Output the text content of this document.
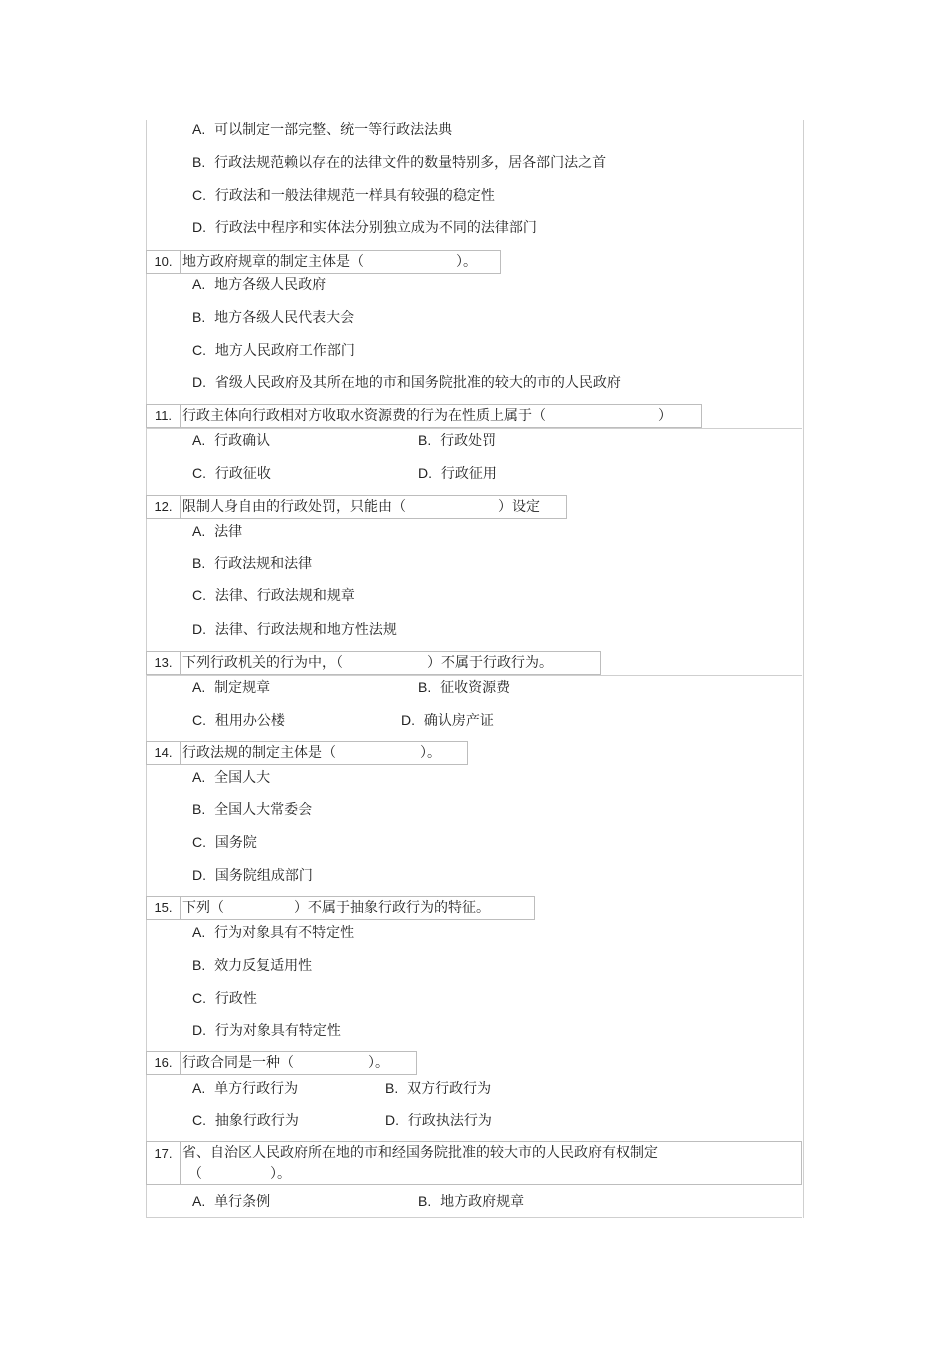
A. 可以制定一部完整、统一等行政法法典
B. 行政法规范赖以存在的法律文件的数量特别多，居各部门法之首
C. 行政法和一般法律规范一样具有较强的稳定性
D. 行政法中程序和实体法分别独立成为不同的法律部门
10. 地方政府规章的制定主体是（	）。
A. 地方各级人民政府
B. 地方各级人民代表大会
C. 地方人民政府工作部门
D. 省级人民政府及其所在地的市和国务院批准的较大的市的人民政府
11. 行政主体向行政相对方收取水资源费的行为在性质上属于（	）
A. 行政确认	B. 行政处罚
C. 行政征收	D. 行政征用
12. 限制人身自由的行政处罚，只能由（	）设定
A. 法律
B. 行政法规和法律
C. 法律、行政法规和规章
D. 法律、行政法规和地方性法规
13. 下列行政机关的行为中，（	）不属于行政行为。
A. 制定规章	B. 征收资源费
C. 租用办公楼	D. 确认房产证
14. 行政法规的制定主体是（	）。
A. 全国人大
B. 全国人大常委会
C. 国务院
D. 国务院组成部门
15. 下列（	）不属于抽象行政行为的特征。
A. 行为对象具有不特定性
B. 效力反复适用性
C. 行政性
D. 行为对象具有特定性
16. 行政合同是一种（	）。
A. 单方行政行为	B. 双方行政行为
C. 抽象行政行为	D. 行政执法行为
17. 省、自治区人民政府所在地的市和经国务院批准的较大市的人民政府有权制定
（	）。
A. 单行条例	B. 地方政府规章
